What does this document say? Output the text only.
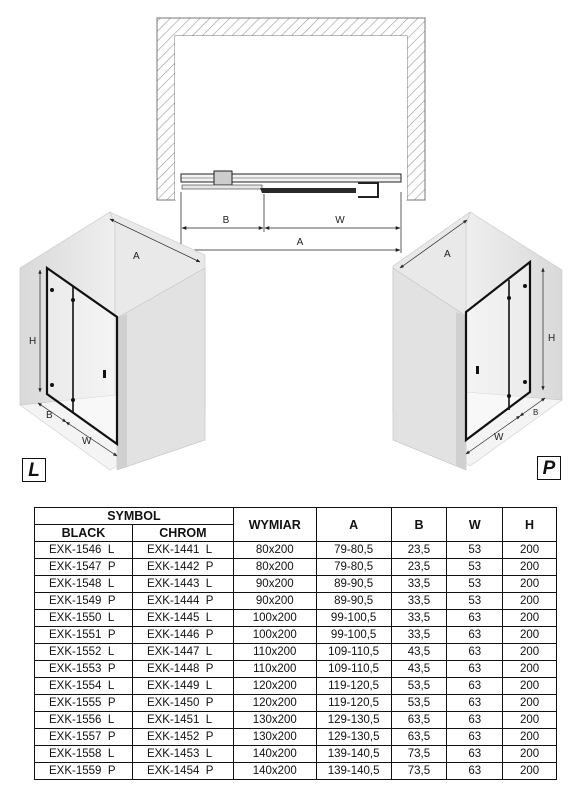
B	W
A
H
A
B
W
H
A
B
W
L	P
SYMBOL		WYMIAR	A	B	W	H
BLACK	CHROM					
EXK-1546 L	EXK-1441 L	80x200	79-80,5	23,5	53	200
EXK-1547 P	EXK-1442 P	80x200	79-80,5	23,5	53	200
EXK-1548 L	EXK-1443 L	90x200	89-90,5	33,5	53	200
EXK-1549 P	EXK-1444 P	90x200	89-90,5	33,5	53	200
EXK-1550 L	EXK-1445 L	100x200	99-100,5	33,5	63	200
EXK-1551 P	EXK-1446 P	100x200	99-100,5	33,5	63	200
EXK-1552 L	EXK-1447 L	110x200	109-110,5	43,5	63	200
EXK-1553 P	EXK-1448 P	110x200	109-110,5	43,5	63	200
EXK-1554 L	EXK-1449 L	120x200	119-120,5	53,5	63	200
EXK-1555 P	EXK-1450 P	120x200	119-120,5	53,5	63	200
EXK-1556 L	EXK-1451 L	130x200	129-130,5	63,5	63	200
EXK-1557 P	EXK-1452 P	130x200	129-130,5	63,5	63	200
EXK-1558 L	EXK-1453 L	140x200	139-140,5	73,5	63	200
EXK-1559 P	EXK-1454 P	140x200	139-140,5	73,5	63	200
